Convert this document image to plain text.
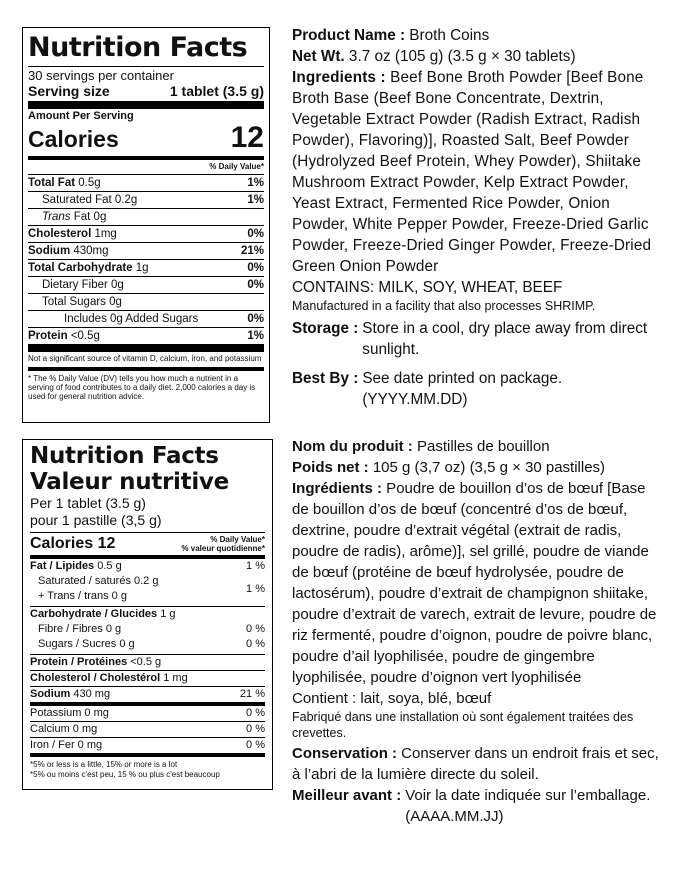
Nutrition Facts
30 servings per container
Serving size	1 tablet (3.5 g)
Amount Per Serving
Calories	12
% Daily Value*
Total Fat 0.5g	1%
Saturated Fat 0.2g	1%
Trans Fat 0g
Cholesterol 1mg	0%
Sodium 430mg	21%
Total Carbohydrate 1g	0%
Dietary Fiber 0g	0%
Total Sugars 0g
Includes 0g Added Sugars	0%
Protein <0.5g	1%
Not a significant source of vitamin D, calcium, iron, and potassium
* The % Daily Value (DV) tells you how much a nutrient in a serving of food contributes to a daily diet. 2,000 calories a day is used for general nutrition advice.
Nutrition Facts
Valeur nutritive
Per 1 tablet (3.5 g)
pour 1 pastille (3,5 g)
Calories 12	% Daily Value*
% valeur quotidienne*
Fat / Lipides 0.5 g	1 %
Saturated / saturés 0.2 g
+ Trans / trans 0 g
1 %
Carbohydrate / Glucides 1 g
Fibre / Fibres 0 g	0 %
Sugars / Sucres 0 g	0 %
Protein / Protéines <0.5 g
Cholesterol / Cholestérol 1 mg
Sodium 430 mg	21 %
Potassium 0 mg	0 %
Calcium 0 mg	0 %
Iron / Fer 0 mg	0 %
*5% or less is a little, 15% or more is a lot
*5% ou moins c'est peu, 15 % ou plus c'est beaucoup

Product Name : Broth Coins

Net Wt. 3.7 oz (105 g) (3.5 g × 30 tablets)

Ingredients : Beef Bone Broth Powder [Beef Bone Broth Base (Beef Bone Concentrate, Dextrin, Vegetable Extract Powder (Radish Extract, Radish Powder), Flavoring)], Roasted Salt, Beef Powder (Hydrolyzed Beef Protein, Whey Powder), Shiitake Mushroom Extract Powder, Kelp Extract Powder, Yeast Extract, Fermented Rice Powder, Onion Powder, White Pepper Powder, Freeze-Dried Garlic Powder, Freeze-Dried Ginger Powder, Freeze-Dried Green Onion Powder

CONTAINS: MILK, SOY, WHEAT, BEEF

Manufactured in a facility that also processes SHRIMP.

Storage : Store in a cool, dry place away from direct sunlight.
Best By : See date printed on package. (YYYY.MM.DD)

Nom du produit : Pastilles de bouillon

Poids net : 105 g (3,7 oz) (3,5 g × 30 pastilles)

Ingrédients : Poudre de bouillon d’os de bœuf [Base de bouillon d’os de bœuf (concentré d’os de bœuf, dextrine, poudre d’extrait végétal (extrait de radis, poudre de radis), arôme)], sel grillé, poudre de viande de bœuf (protéine de bœuf hydrolysée, poudre de lactosérum), poudre d’extrait de champignon shiitake, poudre d’extrait de varech, extrait de levure, poudre de riz fermenté, poudre d’oignon, poudre de poivre blanc, poudre d’ail lyophilisée, poudre de gingembre lyophilisée, poudre d’oignon vert lyophilisée

Contient : lait, soya, blé, bœuf

Fabriqué dans une installation où sont également traitées des crevettes.

Conservation : Conserver dans un endroit frais et sec, à l’abri de la lumière directe du soleil.

Meilleur avant : Voir la date indiquée sur l’emballage. (AAAA.MM.JJ)
